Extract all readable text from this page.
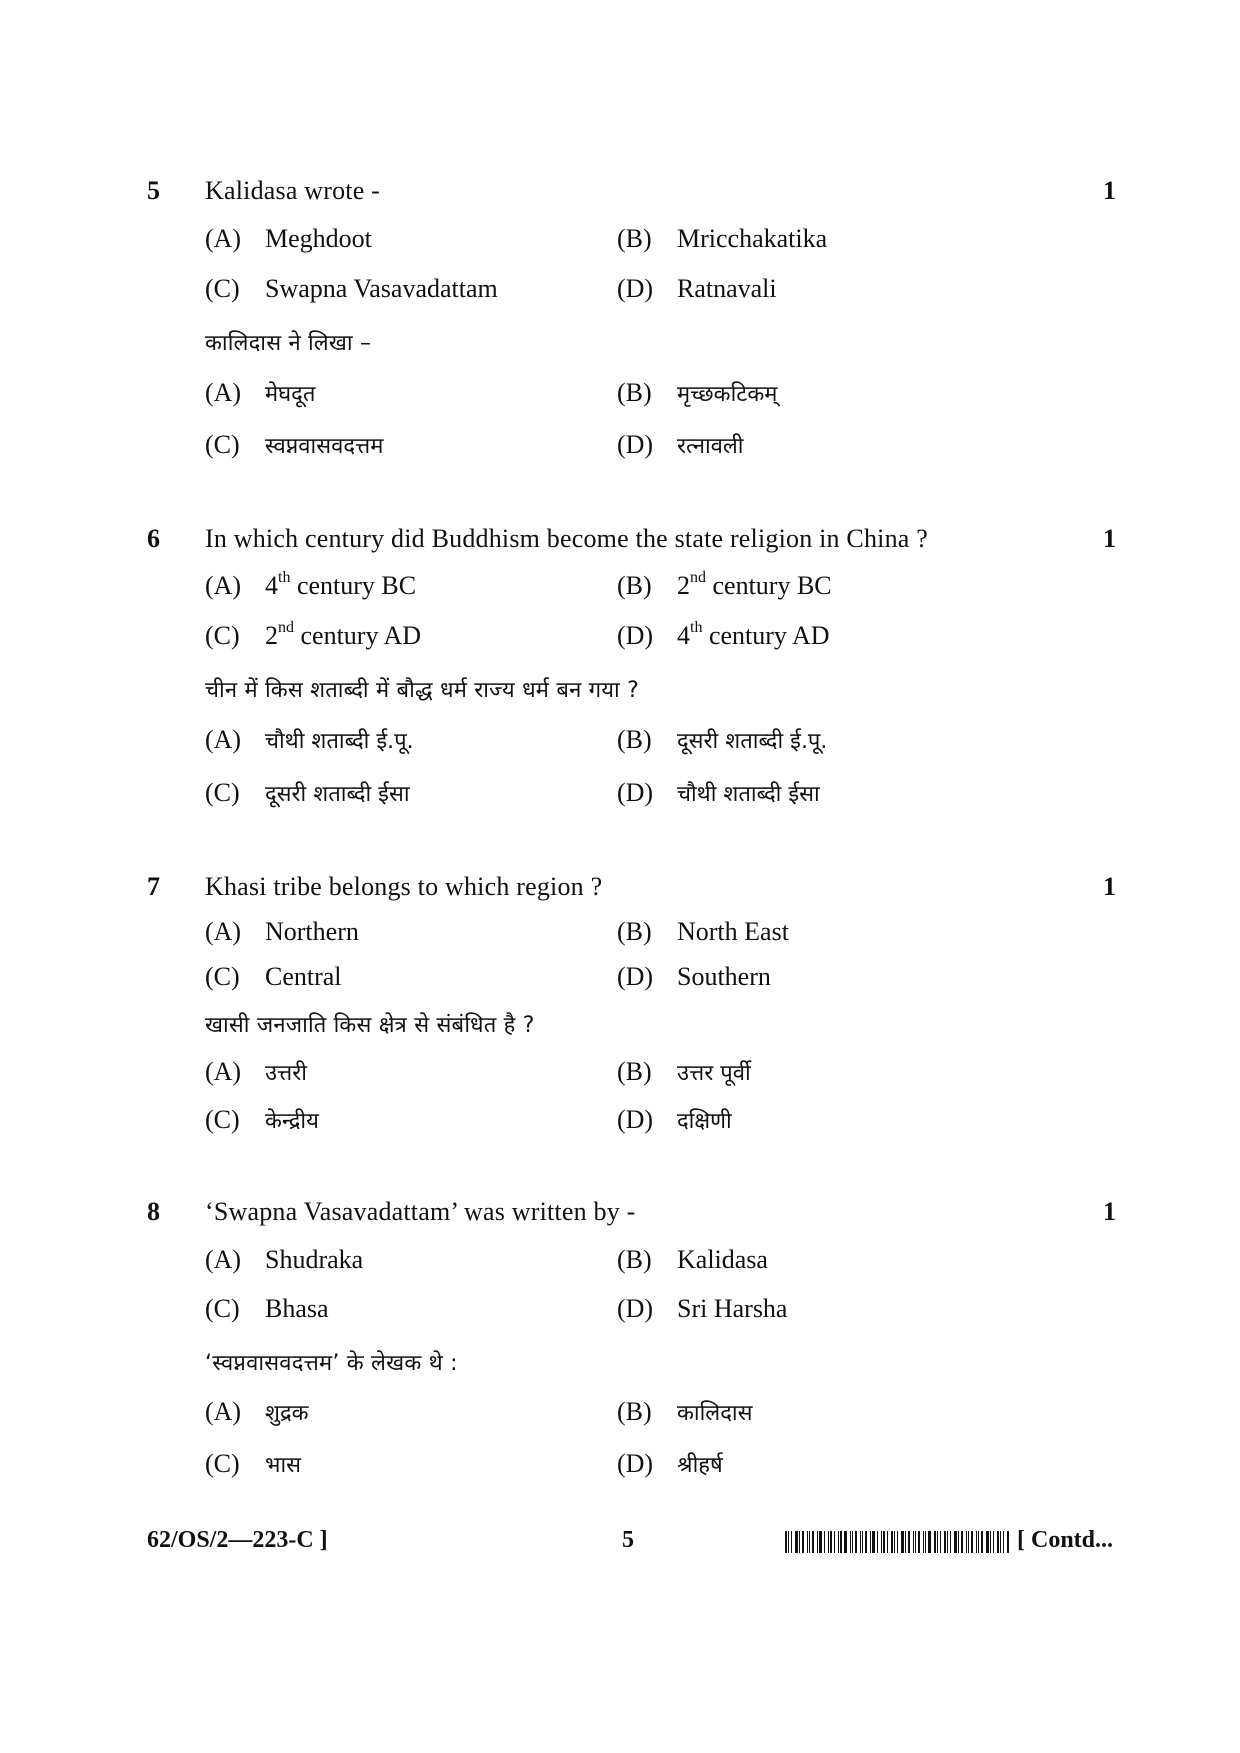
5 Kalidasa wrote -	1
(A) Meghdoot	(B) Mricchakatika
(C) Swapna Vasavadattam	(D) Ratnavali
कालिदास ने लिखा –
(A) मेघदूत	(B) मृच्छकटिकम्
(C) स्वप्नवासवदत्तम	(D) रत्नावली
6 In which century did Buddhism become the state religion in China ?	1
(A) 4th century BC	(B) 2nd century BC
(C) 2nd century AD	(D) 4th century AD
चीन में किस शताब्दी में बौद्ध धर्म राज्य धर्म बन गया ?
(A) चौथी शताब्दी ई.पू.	(B) दूसरी शताब्दी ई.पू.
(C) दूसरी शताब्दी ईसा	(D) चौथी शताब्दी ईसा
7 Khasi tribe belongs to which region ?	1
(A) Northern	(B) North East
(C) Central	(D) Southern
खासी जनजाति किस क्षेत्र से संबंधित है ?
(A) उत्तरी	(B) उत्तर पूर्वी
(C) केन्द्रीय	(D) दक्षिणी
8 ‘Swapna Vasavadattam’ was written by -	1
(A) Shudraka	(B) Kalidasa
(C) Bhasa	(D) Sri Harsha
‘स्वप्नवासवदत्तम’ के लेखक थे :
(A) शुद्रक	(B) कालिदास
(C) भास	(D) श्रीहर्ष
62/OS/2—223-C ]	5	[ Contd...
